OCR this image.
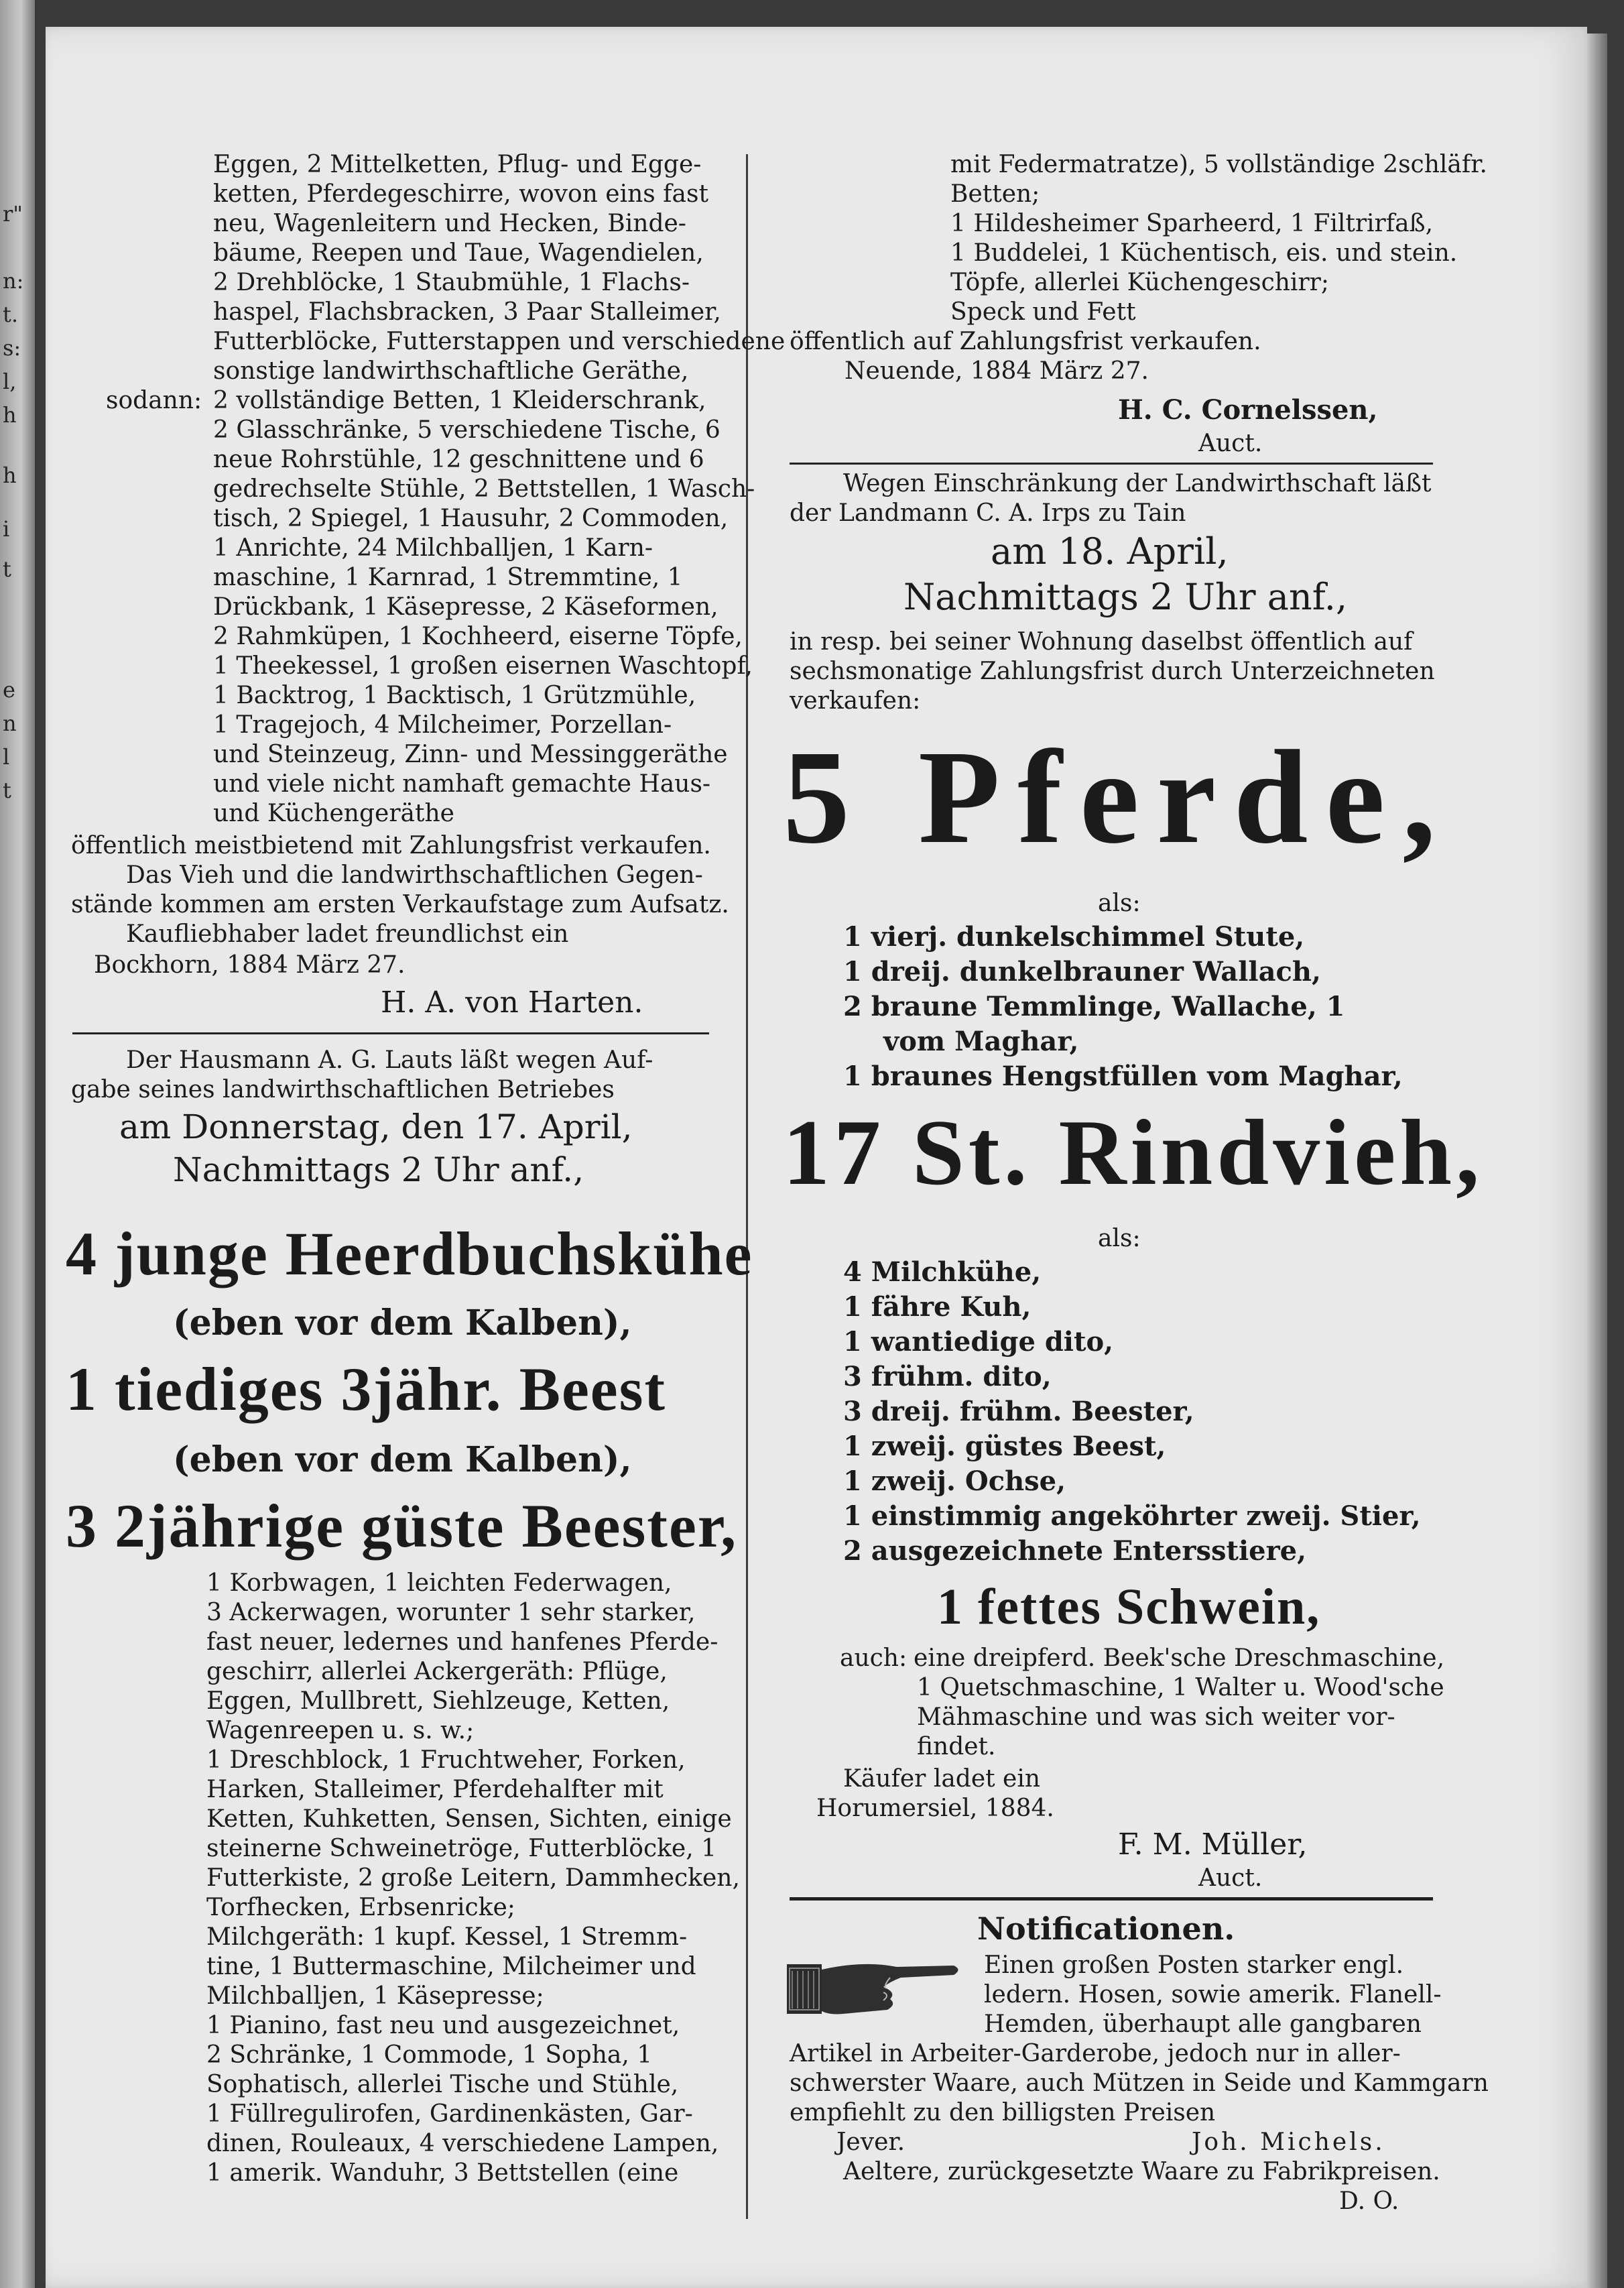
r"
n:
t.
s:
l,
h
h
i
t
e
n
l
t
Eggen, 2 Mittelketten, Pflug- und Egge-
ketten, Pferdegeschirre, wovon eins fast
neu, Wagenleitern und Hecken, Binde-
bäume, Reepen und Taue, Wagendielen,
2 Drehblöcke, 1 Staubmühle, 1 Flachs-
haspel, Flachsbracken, 3 Paar Stalleimer,
Futterblöcke, Futterstappen und verschiedene
sonstige landwirthschaftliche Geräthe,
sodann: 2 vollständige Betten, 1 Kleiderschrank,
2 Glasschränke, 5 verschiedene Tische, 6
neue Rohrstühle, 12 geschnittene und 6
gedrechselte Stühle, 2 Bettstellen, 1 Wasch-
tisch, 2 Spiegel, 1 Hausuhr, 2 Commoden,
1 Anrichte, 24 Milchballjen, 1 Karn-
maschine, 1 Karnrad, 1 Stremmtine, 1
Drückbank, 1 Käsepresse, 2 Käseformen,
2 Rahmküpen, 1 Kochheerd, eiserne Töpfe,
1 Theekessel, 1 großen eisernen Waschtopf,
1 Backtrog, 1 Backtisch, 1 Grützmühle,
1 Tragejoch, 4 Milcheimer, Porzellan-
und Steinzeug, Zinn- und Messinggeräthe
und viele nicht namhaft gemachte Haus-
und Küchengeräthe
öffentlich meistbietend mit Zahlungsfrist verkaufen.
Das Vieh und die landwirthschaftlichen Gegen-
stände kommen am ersten Verkaufstage zum Aufsatz.
Kaufliebhaber ladet freundlichst ein
Bockhorn, 1884 März 27.
H. A. von Harten.
Der Hausmann A. G. Lauts läßt wegen Auf-
gabe seines landwirthschaftlichen Betriebes
am Donnerstag, den 17. April,
Nachmittags 2 Uhr anf.,
4 junge Heerdbuchskühe
(eben vor dem Kalben),
1 tiediges 3jähr. Beest
(eben vor dem Kalben),
3 2jährige güste Beester,
1 Korbwagen, 1 leichten Federwagen,
3 Ackerwagen, worunter 1 sehr starker,
fast neuer, ledernes und hanfenes Pferde-
geschirr, allerlei Ackergeräth: Pflüge,
Eggen, Mullbrett, Siehlzeuge, Ketten,
Wagenreepen u. s. w.;
1 Dreschblock, 1 Fruchtweher, Forken,
Harken, Stalleimer, Pferdehalfter mit
Ketten, Kuhketten, Sensen, Sichten, einige
steinerne Schweinetröge, Futterblöcke, 1
Futterkiste, 2 große Leitern, Dammhecken,
Torfhecken, Erbsenricke;
Milchgeräth: 1 kupf. Kessel, 1 Stremm-
tine, 1 Buttermaschine, Milcheimer und
Milchballjen, 1 Käsepresse;
1 Pianino, fast neu und ausgezeichnet,
2 Schränke, 1 Commode, 1 Sopha, 1
Sophatisch, allerlei Tische und Stühle,
1 Füllregulirofen, Gardinenkästen, Gar-
dinen, Rouleaux, 4 verschiedene Lampen,
1 amerik. Wanduhr, 3 Bettstellen (eine
mit Federmatratze), 5 vollständige 2schläfr.
Betten;
1 Hildesheimer Sparheerd, 1 Filtrirfaß,
1 Buddelei, 1 Küchentisch, eis. und stein.
Töpfe, allerlei Küchengeschirr;
Speck und Fett
öffentlich auf Zahlungsfrist verkaufen.
Neuende, 1884 März 27.
H. C. Cornelssen,
Auct.
Wegen Einschränkung der Landwirthschaft läßt
der Landmann C. A. Irps zu Tain
am 18. April,
Nachmittags 2 Uhr anf.,
in resp. bei seiner Wohnung daselbst öffentlich auf
sechsmonatige Zahlungsfrist durch Unterzeichneten
verkaufen:
5 Pferde,
als:
1 vierj. dunkelschimmel Stute,
1 dreij. dunkelbrauner Wallach,
2 braune Temmlinge, Wallache, 1
vom Maghar,
1 braunes Hengstfüllen vom Maghar,
17 St. Rindvieh,
als:
4 Milchkühe,
1 fähre Kuh,
1 wantiedige dito,
3 frühm. dito,
3 dreij. frühm. Beester,
1 zweij. güstes Beest,
1 zweij. Ochse,
1 einstimmig angeköhrter zweij. Stier,
2 ausgezeichnete Entersstiere,
1 fettes Schwein,
auch: eine dreipferd. Beek'sche Dreschmaschine,
1 Quetschmaschine, 1 Walter u. Wood'sche
Mähmaschine und was sich weiter vor-
findet.
Käufer ladet ein
Horumersiel, 1884.
F. M. Müller,
Auct.
Notificationen.
Einen großen Posten starker engl.
ledern. Hosen, sowie amerik. Flanell-
Hemden, überhaupt alle gangbaren
Artikel in Arbeiter-Garderobe, jedoch nur in aller-
schwerster Waare, auch Mützen in Seide und Kammgarn
empfiehlt zu den billigsten Preisen
Jever.	Joh. Michels.
Aeltere, zurückgesetzte Waare zu Fabrikpreisen.
D. O.
